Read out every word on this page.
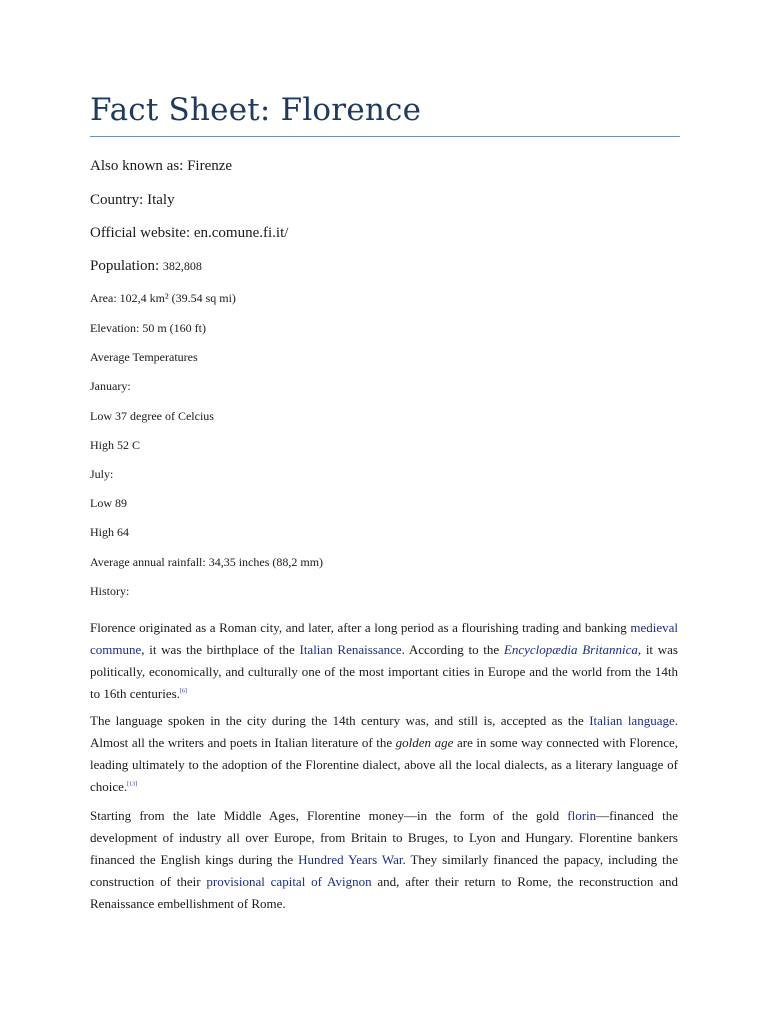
Fact Sheet: Florence

Also known as: Firenze

Country: Italy

Official website: en.comune.fi.it/

Population: 382,808

Area: 102,4 km² (39.54 sq mi)

Elevation: 50 m (160 ft)

Average Temperatures

January:

Low 37 degree of Celcius

High 52 C

July:

Low 89

High 64

Average annual rainfall: 34,35 inches (88,2 mm)

History:

Florence originated as a Roman city, and later, after a long period as a flourishing trading and banking medieval commune, it was the birthplace of the Italian Renaissance. According to the Encyclopædia Britannica, it was politically, economically, and culturally one of the most important cities in Europe and the world from the 14th to 16th centuries.[6]

The language spoken in the city during the 14th century was, and still is, accepted as the Italian language. Almost all the writers and poets in Italian literature of the golden age are in some way connected with Florence, leading ultimately to the adoption of the Florentine dialect, above all the local dialects, as a literary language of choice.[13]

Starting from the late Middle Ages, Florentine money—in the form of the gold florin—financed the development of industry all over Europe, from Britain to Bruges, to Lyon and Hungary. Florentine bankers financed the English kings during the Hundred Years War. They similarly financed the papacy, including the construction of their provisional capital of Avignon and, after their return to Rome, the reconstruction and Renaissance embellishment of Rome.
